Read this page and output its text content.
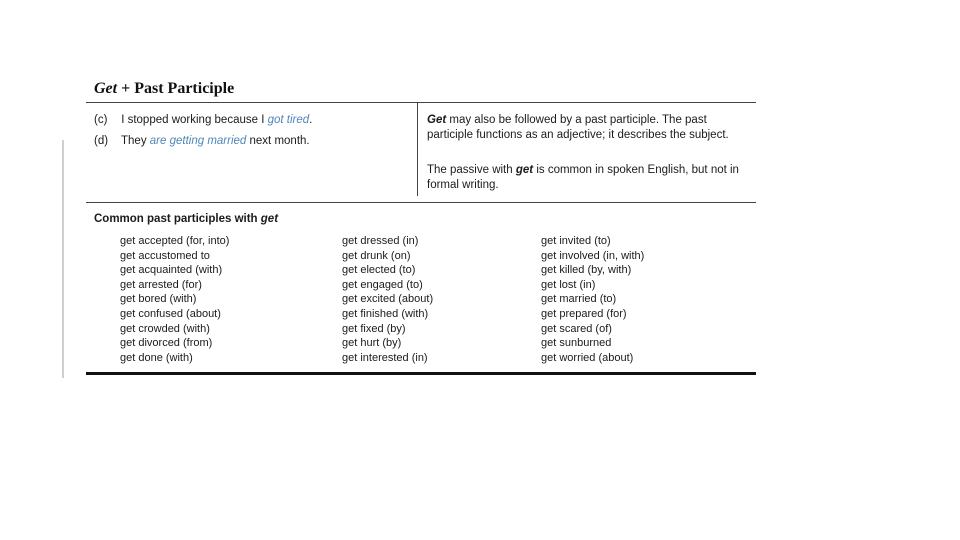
Get + Past Participle
(c) I stopped working because I got tired.
(d) They are getting married next month.
Get may also be followed by a past participle. The past participle functions as an adjective; it describes the subject.
The passive with get is common in spoken English, but not in formal writing.
Common past participles with get
get accepted (for, into)
get accustomed to
get acquainted (with)
get arrested (for)
get bored (with)
get confused (about)
get crowded (with)
get divorced (from)
get done (with)
get dressed (in)
get drunk (on)
get elected (to)
get engaged (to)
get excited (about)
get finished (with)
get fixed (by)
get hurt (by)
get interested (in)
get invited (to)
get involved (in, with)
get killed (by, with)
get lost (in)
get married (to)
get prepared (for)
get scared (of)
get sunburned
get worried (about)
